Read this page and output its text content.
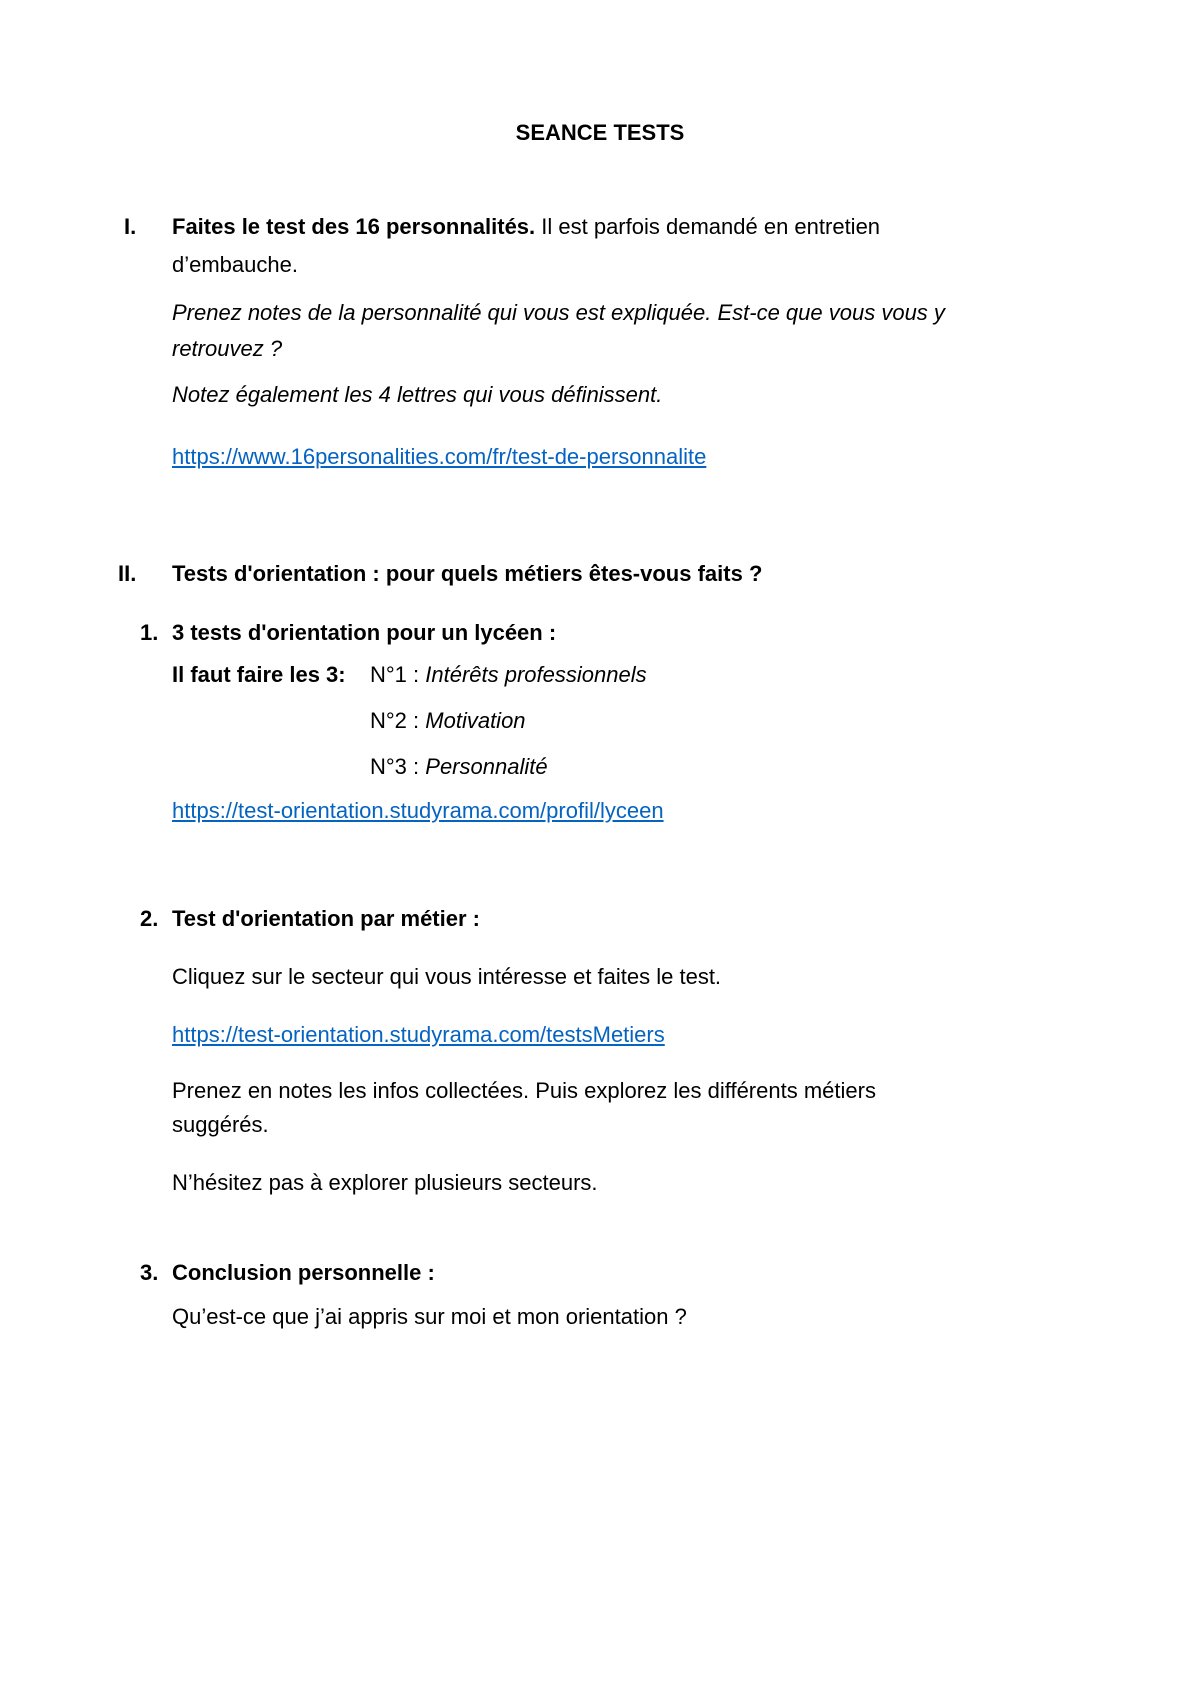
SEANCE TESTS
I. Faites le test des 16 personnalités. Il est parfois demandé en entretien
d’embauche.
Prenez notes de la personnalité qui vous est expliquée. Est-ce que vous vous y
retrouvez ?
Notez également les 4 lettres qui vous définissent.
https://www.16personalities.com/fr/test-de-personnalite
II. Tests d'orientation : pour quels métiers êtes-vous faits ?
1. 3 tests d'orientation pour un lycéen :
Il faut faire les 3: N°1 : Intérêts professionnels
N°2 : Motivation
N°3 : Personnalité
https://test-orientation.studyrama.com/profil/lyceen
2. Test d'orientation par métier :
Cliquez sur le secteur qui vous intéresse et faites le test.
https://test-orientation.studyrama.com/testsMetiers
Prenez en notes les infos collectées. Puis explorez les différents métiers
suggérés.
N’hésitez pas à explorer plusieurs secteurs.
3. Conclusion personnelle :
Qu’est-ce que j’ai appris sur moi et mon orientation ?
